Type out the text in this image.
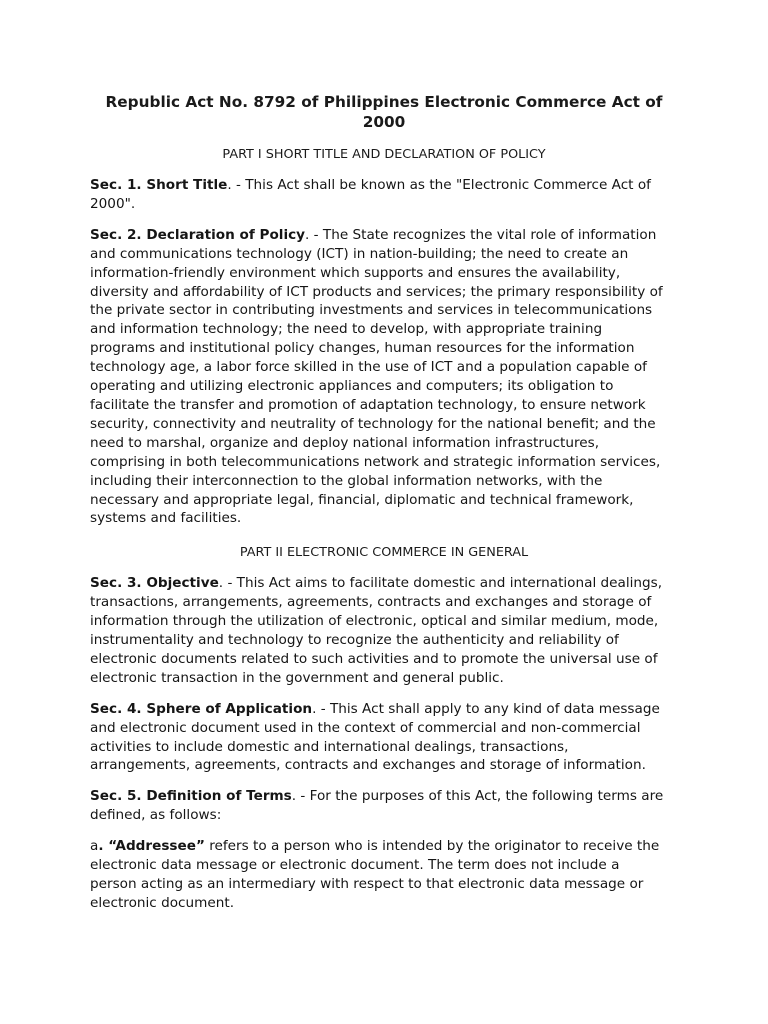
Republic Act No. 8792 of Philippines Electronic Commerce Act of
2000

PART I SHORT TITLE AND DECLARATION OF POLICY

Sec. 1. Short Title. - This Act shall be known as the "Electronic Commerce Act of
2000".

Sec. 2. Declaration of Policy. - The State recognizes the vital role of information
and communications technology (ICT) in nation-building; the need to create an
information-friendly environment which supports and ensures the availability,
diversity and affordability of ICT products and services; the primary responsibility of
the private sector in contributing investments and services in telecommunications
and information technology; the need to develop, with appropriate training
programs and institutional policy changes, human resources for the information
technology age, a labor force skilled in the use of ICT and a population capable of
operating and utilizing electronic appliances and computers; its obligation to
facilitate the transfer and promotion of adaptation technology, to ensure network
security, connectivity and neutrality of technology for the national benefit; and the
need to marshal, organize and deploy national information infrastructures,
comprising in both telecommunications network and strategic information services,
including their interconnection to the global information networks, with the
necessary and appropriate legal, financial, diplomatic and technical framework,
systems and facilities.

PART II ELECTRONIC COMMERCE IN GENERAL

Sec. 3. Objective. - This Act aims to facilitate domestic and international dealings,
transactions, arrangements, agreements, contracts and exchanges and storage of
information through the utilization of electronic, optical and similar medium, mode,
instrumentality and technology to recognize the authenticity and reliability of
electronic documents related to such activities and to promote the universal use of
electronic transaction in the government and general public.

Sec. 4. Sphere of Application. - This Act shall apply to any kind of data message
and electronic document used in the context of commercial and non-commercial
activities to include domestic and international dealings, transactions,
arrangements, agreements, contracts and exchanges and storage of information.

Sec. 5. Definition of Terms. - For the purposes of this Act, the following terms are
defined, as follows:

a. “Addressee” refers to a person who is intended by the originator to receive the
electronic data message or electronic document. The term does not include a
person acting as an intermediary with respect to that electronic data message or
electronic document.
